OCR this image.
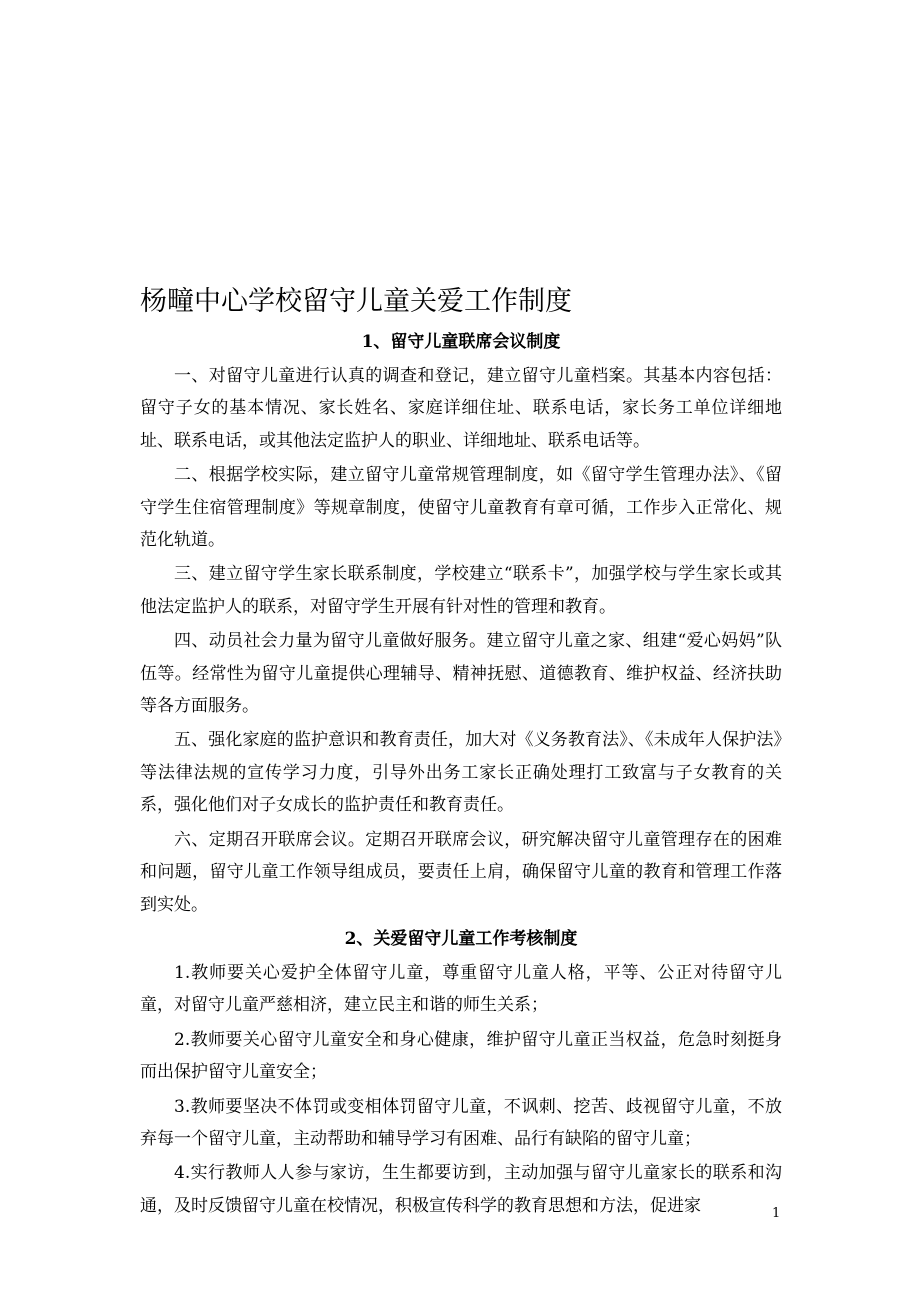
杨疃中心学校留守儿童关爱工作制度
1、留守儿童联席会议制度

一、对留守儿童进行认真的调查和登记，建立留守儿童档案。其基本内容包括：留守子女的基本情况、家长姓名、家庭详细住址、联系电话，家长务工单位详细地址、联系电话，或其他法定监护人的职业、详细地址、联系电话等。

二、根据学校实际，建立留守儿童常规管理制度，如《留守学生管理办法》、《留守学生住宿管理制度》等规章制度，使留守儿童教育有章可循，工作步入正常化、规范化轨道。

三、建立留守学生家长联系制度，学校建立“联系卡”，加强学校与学生家长或其他法定监护人的联系，对留守学生开展有针对性的管理和教育。

四、动员社会力量为留守儿童做好服务。建立留守儿童之家、组建“爱心妈妈”队伍等。经常性为留守儿童提供心理辅导、精神抚慰、道德教育、维护权益、经济扶助等各方面服务。

五、强化家庭的监护意识和教育责任，加大对《义务教育法》、《未成年人保护法》等法律法规的宣传学习力度，引导外出务工家长正确处理打工致富与子女教育的关系，强化他们对子女成长的监护责任和教育责任。

六、定期召开联席会议。定期召开联席会议，研究解决留守儿童管理存在的困难和问题，留守儿童工作领导组成员，要责任上肩，确保留守儿童的教育和管理工作落到实处。

2、关爱留守儿童工作考核制度

1.教师要关心爱护全体留守儿童，尊重留守儿童人格，平等、公正对待留守儿童，对留守儿童严慈相济，建立民主和谐的师生关系；

2.教师要关心留守儿童安全和身心健康，维护留守儿童正当权益，危急时刻挺身而出保护留守儿童安全；

3.教师要坚决不体罚或变相体罚留守儿童，不讽刺、挖苦、歧视留守儿童，不放弃每一个留守儿童，主动帮助和辅导学习有困难、品行有缺陷的留守儿童；

4.实行教师人人参与家访，生生都要访到，主动加强与留守儿童家长的联系和沟通，及时反馈留守儿童在校情况，积极宣传科学的教育思想和方法，促进家	1
